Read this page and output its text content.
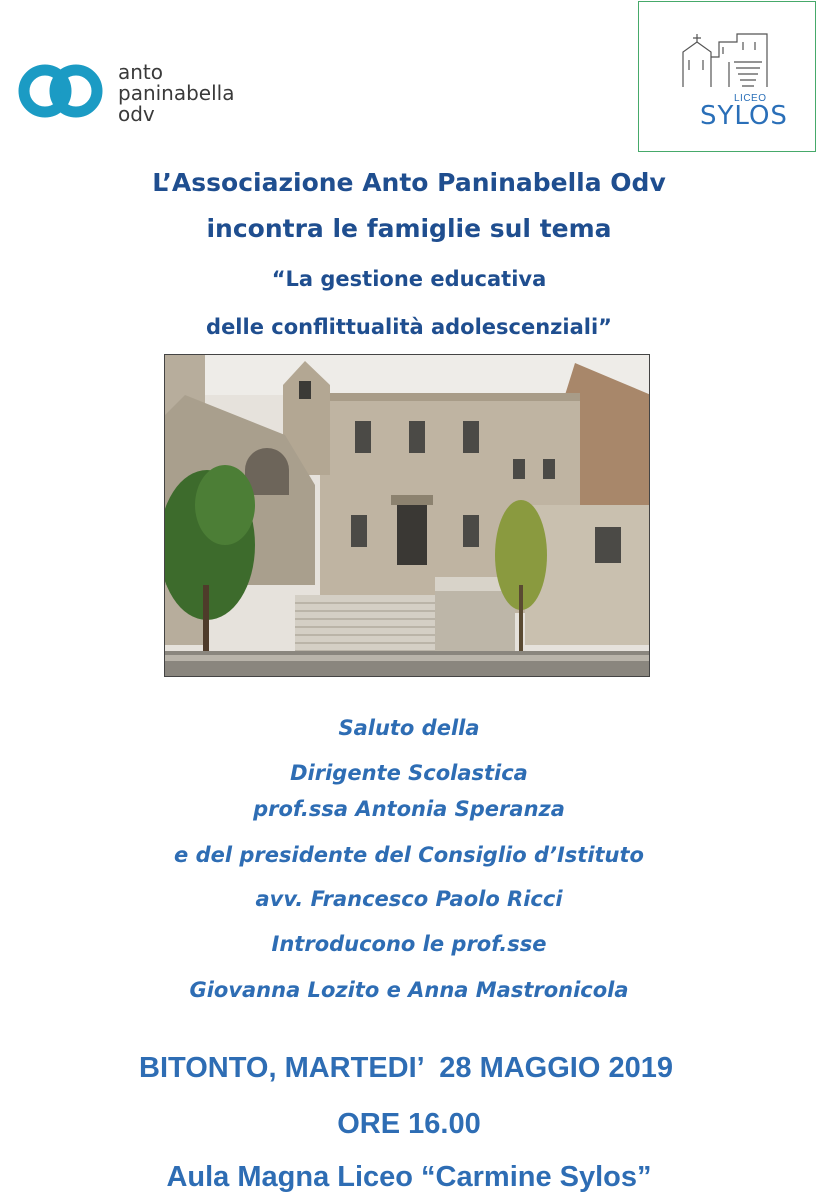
anto
paninabella
odv
LICEO
SYLOS
L’Associazione Anto Paninabella Odv
incontra le famiglie sul tema
“La gestione educativa
delle conflittualità adolescenziali”
Saluto della
Dirigente Scolastica
prof.ssa Antonia Speranza
e del presidente del Consiglio d’Istituto
avv. Francesco Paolo Ricci
Introducono le prof.sse
Giovanna Lozito e Anna Mastronicola
BITONTO, MARTEDI’  28 MAGGIO 2019
ORE 16.00
Aula Magna Liceo “Carmine Sylos”
